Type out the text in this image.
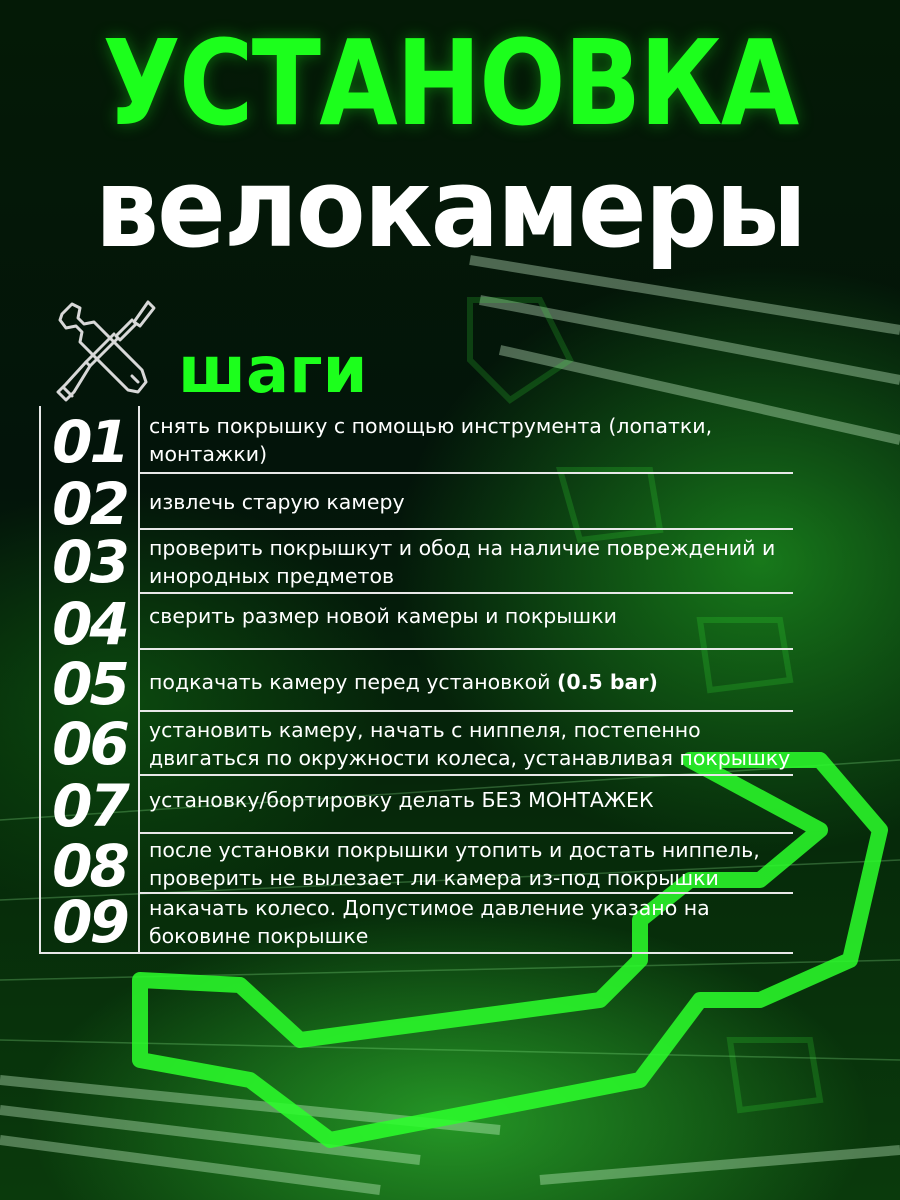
УСТАНОВКА
велокамеры
шаги
01	снять покрышку с помощью инструмента (лопатки, монтажки)
02	извлечь старую камеру
03	проверить покрышкут и обод на наличие повреждений и инородных предметов
04	сверить размер новой камеры и покрышки
05	подкачать камеру перед установкой (0.5 bar)
06	установить камеру, начать с ниппеля, постепенно двигаться по окружности колеса, устанавливая покрышку
07	установку/бортировку делать БЕЗ МОНТАЖЕК
08	после установки покрышки утопить и достать ниппель, проверить не вылезает ли камера из-под покрышки
09	накачать колесо. Допустимое давление указано на боковине покрышке
